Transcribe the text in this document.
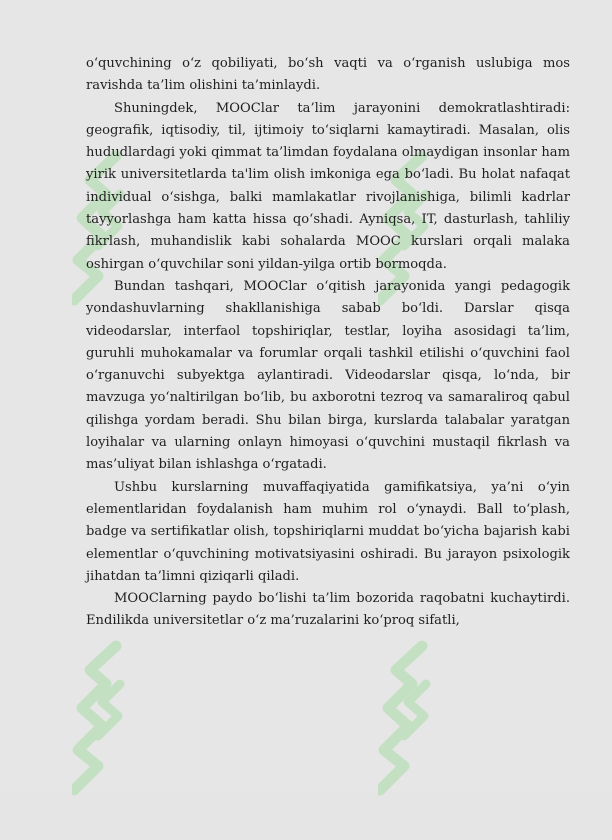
o‘quvchining o‘z qobiliyati, bo‘sh vaqti va o‘rganish uslubiga mos ravishda ta’lim olishini ta’minlaydi.

Shuningdek, MOOClar ta’lim jarayonini demokratlashtiradi: geografik, iqtisodiy, til, ijtimoiy to‘siqlarni kamaytiradi. Masalan, olis hududlardagi yoki qimmat ta’limdan foydalana olmaydigan insonlar ham yirik universitetlarda ta'lim olish imkoniga ega bo‘ladi. Bu holat nafaqat individual o‘sishga, balki mamlakatlar rivojlanishiga, bilimli kadrlar tayyorlashga ham katta hissa qo‘shadi. Ayniqsa, IT, dasturlash, tahliliy fikrlash, muhandislik kabi sohalarda MOOC kurslari orqali malaka oshirgan o‘quvchilar soni yildan-yilga ortib bormoqda.

Bundan tashqari, MOOClar o‘qitish jarayonida yangi pedagogik yondashuvlarning shakllanishiga sabab bo‘ldi. Darslar qisqa videodarslar, interfaol topshiriqlar, testlar, loyiha asosidagi ta’lim, guruhli muhokamalar va forumlar orqali tashkil etilishi o‘quvchini faol o‘rganuvchi subyektga aylantiradi. Videodarslar qisqa, lo‘nda, bir mavzuga yo‘naltirilgan bo‘lib, bu axborotni tezroq va samaraliroq qabul qilishga yordam beradi. Shu bilan birga, kurslarda talabalar yaratgan loyihalar va ularning onlayn himoyasi o‘quvchini mustaqil fikrlash va mas’uliyat bilan ishlashga o‘rgatadi.

Ushbu kurslarning muvaffaqiyatida gamifikatsiya, ya’ni o‘yin elementlaridan foydalanish ham muhim rol o‘ynaydi. Ball to‘plash, badge va sertifikatlar olish, topshiriqlarni muddat bo‘yicha bajarish kabi elementlar o‘quvchining motivatsiyasini oshiradi. Bu jarayon psixologik jihatdan ta’limni qiziqarli qiladi.

MOOClarning paydo bo‘lishi ta’lim bozorida raqobatni kuchaytirdi. Endilikda universitetlar o‘z ma’ruzalarini ko‘proq sifatli,
